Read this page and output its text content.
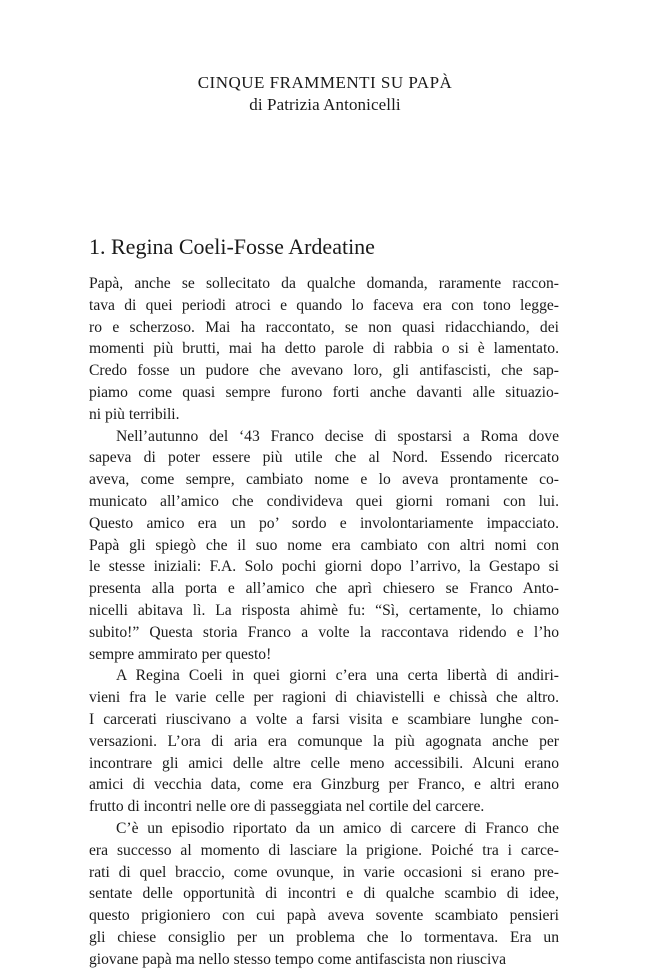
CINQUE FRAMMENTI SU PAPÀ
di Patrizia Antonicelli
1. Regina Coeli-Fosse Ardeatine

Papà, anche se sollecitato da qualche domanda, raramente raccon-
tava di quei periodi atroci e quando lo faceva era con tono legge-
ro e scherzoso. Mai ha raccontato, se non quasi ridacchiando, dei
momenti più brutti, mai ha detto parole di rabbia o si è lamentato.
Credo fosse un pudore che avevano loro, gli antifascisti, che sap-
piamo come quasi sempre furono forti anche davanti alle situazio-
ni più terribili.

Nell’autunno del ‘43 Franco decise di spostarsi a Roma dove
sapeva di poter essere più utile che al Nord. Essendo ricercato
aveva, come sempre, cambiato nome e lo aveva prontamente co-
municato all’amico che condivideva quei giorni romani con lui.
Questo amico era un po’ sordo e involontariamente impacciato.
Papà gli spiegò che il suo nome era cambiato con altri nomi con
le stesse iniziali: F.A. Solo pochi giorni dopo l’arrivo, la Gestapo si
presenta alla porta e all’amico che aprì chiesero se Franco Anto-
nicelli abitava lì. La risposta ahimè fu: “Sì, certamente, lo chiamo
subito!” Questa storia Franco a volte la raccontava ridendo e l’ho
sempre ammirato per questo!

A Regina Coeli in quei giorni c’era una certa libertà di andiri-
vieni fra le varie celle per ragioni di chiavistelli e chissà che altro.
I carcerati riuscivano a volte a farsi visita e scambiare lunghe con-
versazioni. L’ora di aria era comunque la più agognata anche per
incontrare gli amici delle altre celle meno accessibili. Alcuni erano
amici di vecchia data, come era Ginzburg per Franco, e altri erano
frutto di incontri nelle ore di passeggiata nel cortile del carcere.

C’è un episodio riportato da un amico di carcere di Franco che
era successo al momento di lasciare la prigione. Poiché tra i carce-
rati di quel braccio, come ovunque, in varie occasioni si erano pre-
sentate delle opportunità di incontri e di qualche scambio di idee,
questo prigioniero con cui papà aveva sovente scambiato pensieri
gli chiese consiglio per un problema che lo tormentava. Era un
giovane papà ma nello stesso tempo come antifascista non riusciva
